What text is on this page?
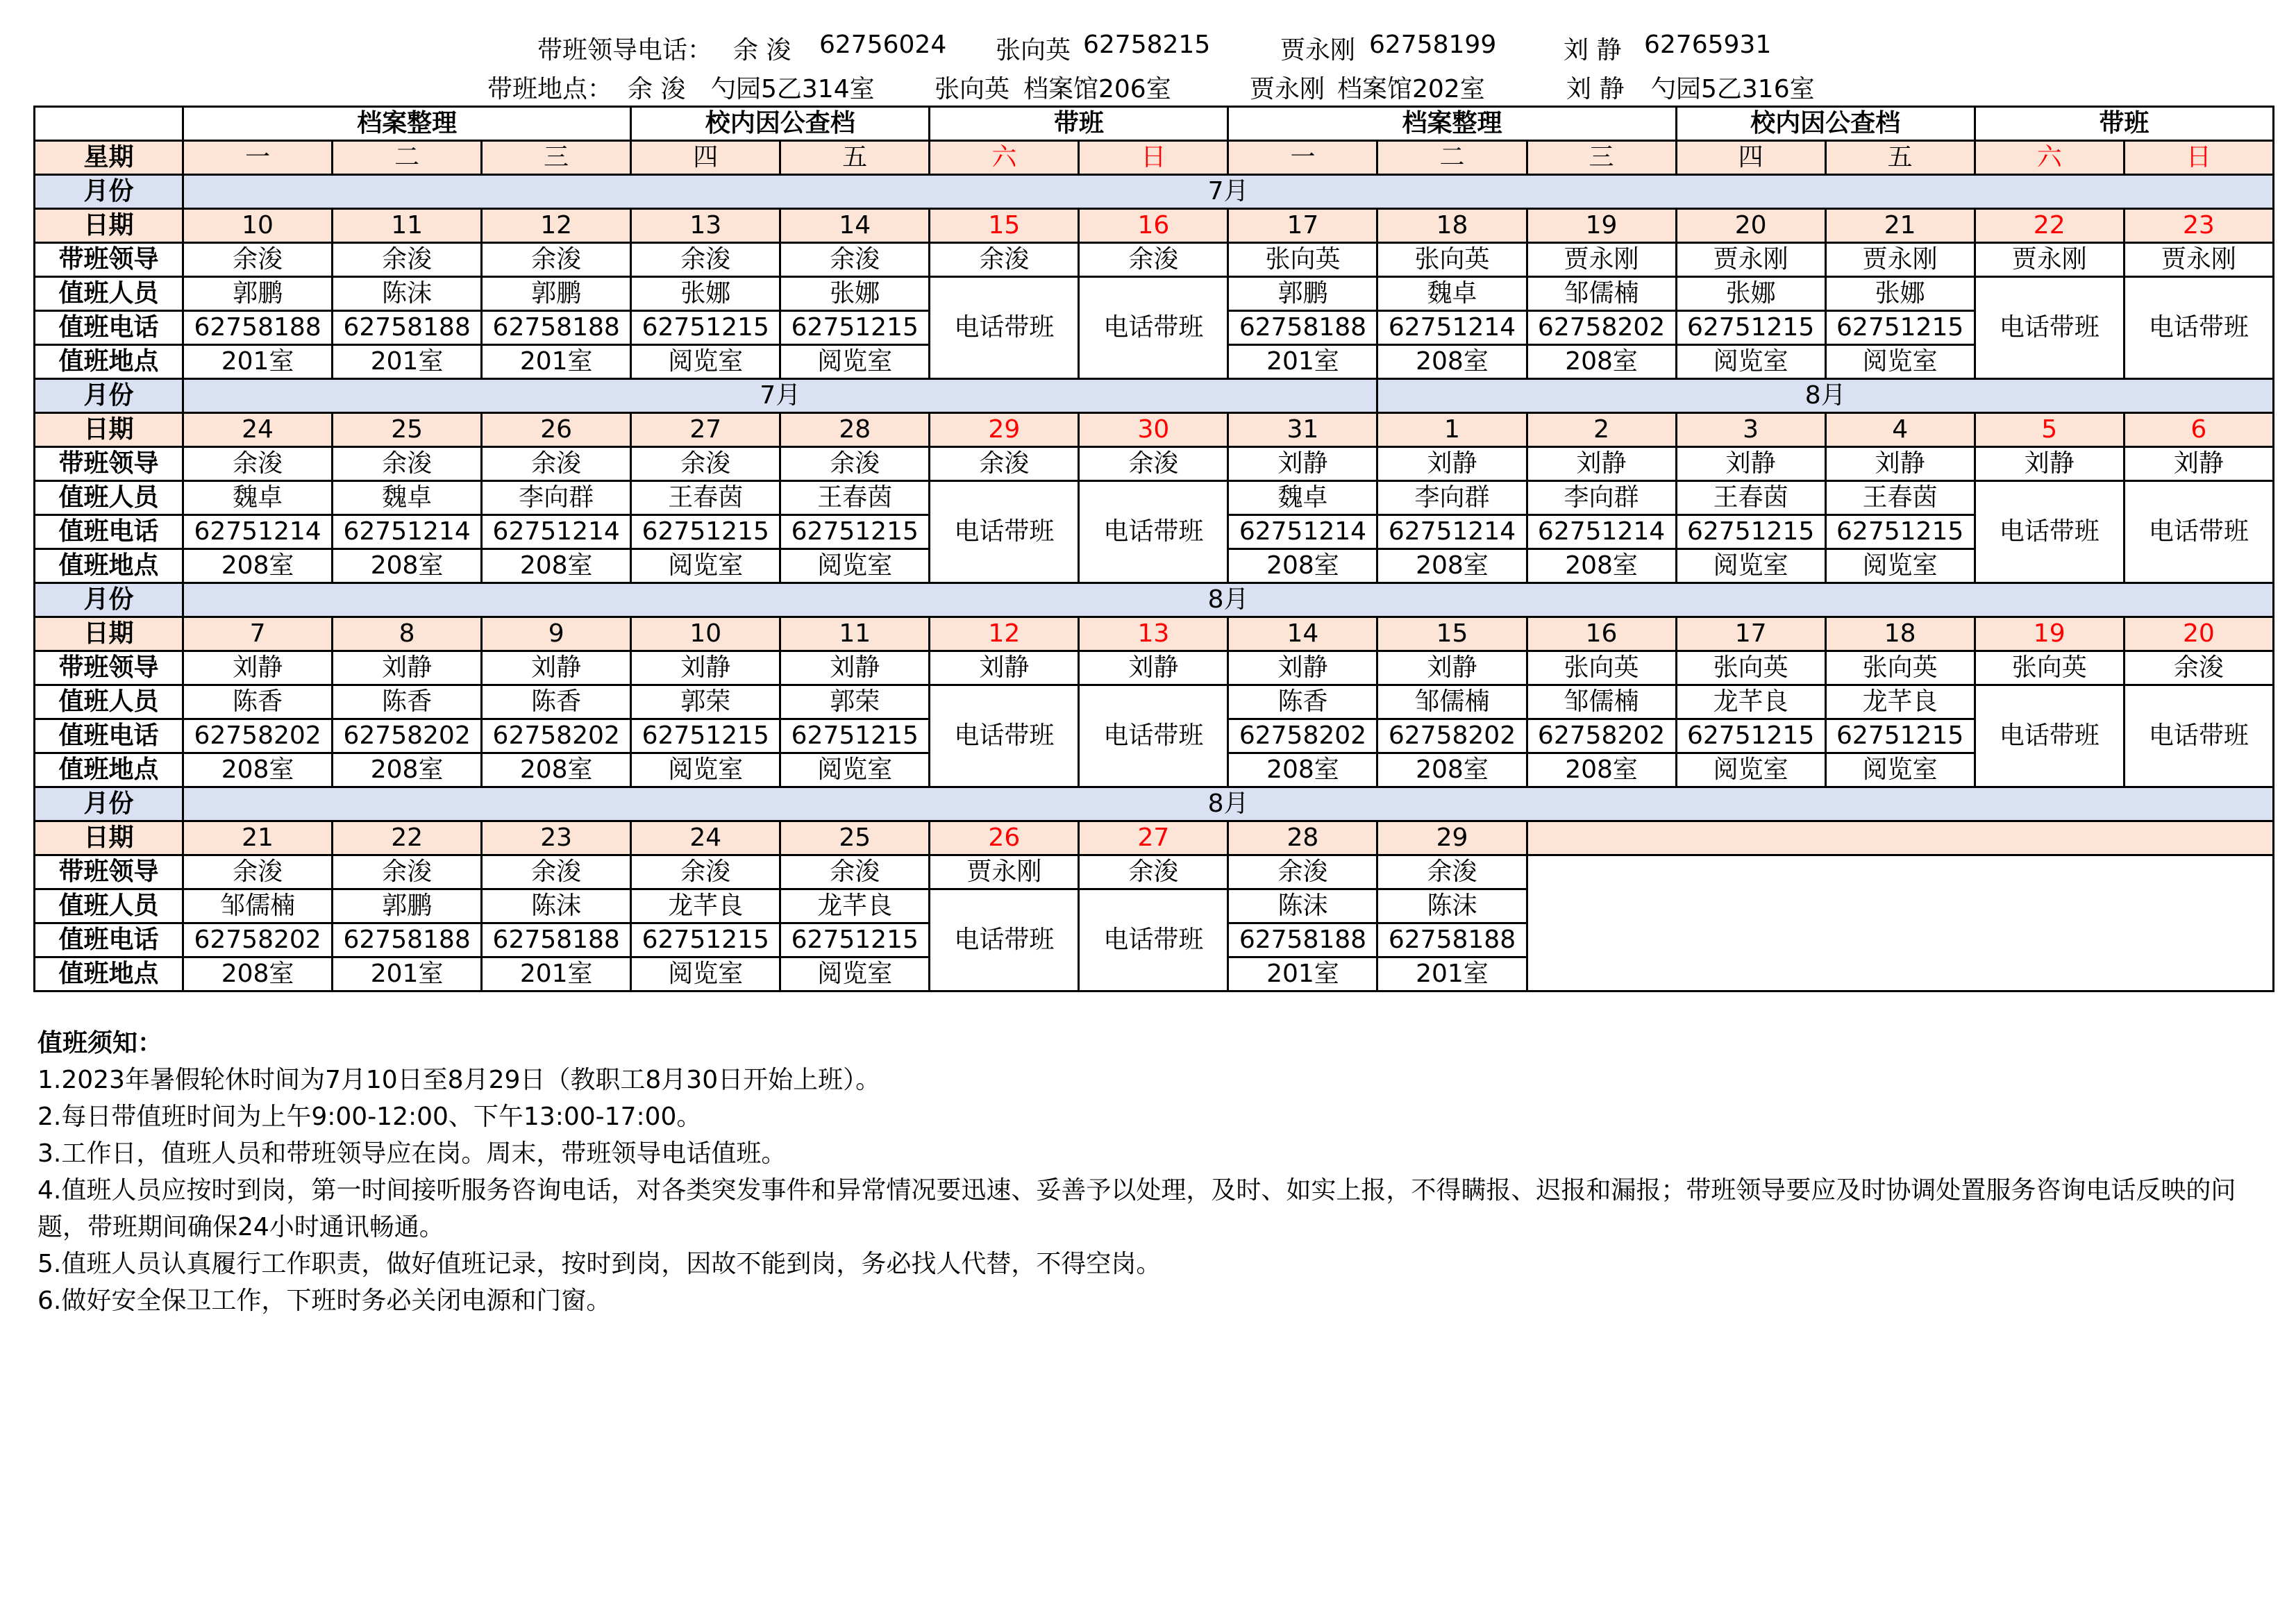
带班领导电话：

余 浚

62756024

张向英

62758215

	贾永刚

62758199

	刘 静

62765931

带班地点：

余 浚

勺园5乙314室

张向英

档案馆206室

	贾永刚

档案馆202室

	刘 静

勺园5乙316室

	档案整理			校内因公查档		带班		档案整理			校内因公查档		带班	
星期	一	二	三	四	五	六	日	一	二	三	四	五	六	日
月份	7月													
日期	10	11	12	13	14	15	16	17	18	19	20	21	22	23
带班领导	余浚	余浚	余浚	余浚	余浚	余浚	余浚	张向英	张向英	贾永刚	贾永刚	贾永刚	贾永刚	贾永刚
值班人员	郭鹏	陈沫	郭鹏	张娜	张娜	电话带班	电话带班	郭鹏	魏卓	邹儒楠	张娜	张娜	电话带班	电话带班
值班电话	62758188	62758188	62758188	62751215	62751215			62758188	62751214	62758202	62751215	62751215		
值班地点	201室	201室	201室	阅览室	阅览室			201室	208室	208室	阅览室	阅览室		
月份	7月								8月					
日期	24	25	26	27	28	29	30	31	1	2	3	4	5	6
带班领导	余浚	余浚	余浚	余浚	余浚	余浚	余浚	刘静	刘静	刘静	刘静	刘静	刘静	刘静
值班人员	魏卓	魏卓	李向群	王春茵	王春茵	电话带班	电话带班	魏卓	李向群	李向群	王春茵	王春茵	电话带班	电话带班
值班电话	62751214	62751214	62751214	62751215	62751215			62751214	62751214	62751214	62751215	62751215		
值班地点	208室	208室	208室	阅览室	阅览室			208室	208室	208室	阅览室	阅览室		
月份	8月													
日期	7	8	9	10	11	12	13	14	15	16	17	18	19	20
带班领导	刘静	刘静	刘静	刘静	刘静	刘静	刘静	刘静	刘静	张向英	张向英	张向英	张向英	余浚
值班人员	陈香	陈香	陈香	郭荣	郭荣	电话带班	电话带班	陈香	邹儒楠	邹儒楠	龙芊良	龙芊良	电话带班	电话带班
值班电话	62758202	62758202	62758202	62751215	62751215			62758202	62758202	62758202	62751215	62751215		
值班地点	208室	208室	208室	阅览室	阅览室			208室	208室	208室	阅览室	阅览室		
月份	8月													
日期	21	22	23	24	25	26	27	28	29					
带班领导	余浚	余浚	余浚	余浚	余浚	贾永刚	余浚	余浚	余浚					
值班人员	邹儒楠	郭鹏	陈沫	龙芊良	龙芊良	电话带班	电话带班	陈沫	陈沫					
值班电话	62758202	62758188	62758188	62751215	62751215			62758188	62758188					
值班地点	208室	201室	201室	阅览室	阅览室			201室	201室					
值班须知：
1.2023年暑假轮休时间为7月10日至8月29日（教职工8月30日开始上班）。
2.每日带值班时间为上午9:00-12:00、下午13:00-17:00。
3.工作日，值班人员和带班领导应在岗。周末，带班领导电话值班。
4.值班人员应按时到岗，第一时间接听服务咨询电话，对各类突发事件和异常情况要迅速、妥善予以处理，及时、如实上报，不得瞒报、迟报和漏报；带班领导要应及时协调处置服务咨询电话反映的问题，带班期间确保24小时通讯畅通。
5.值班人员认真履行工作职责，做好值班记录，按时到岗，因故不能到岗，务必找人代替，不得空岗。
6.做好安全保卫工作，下班时务必关闭电源和门窗。
